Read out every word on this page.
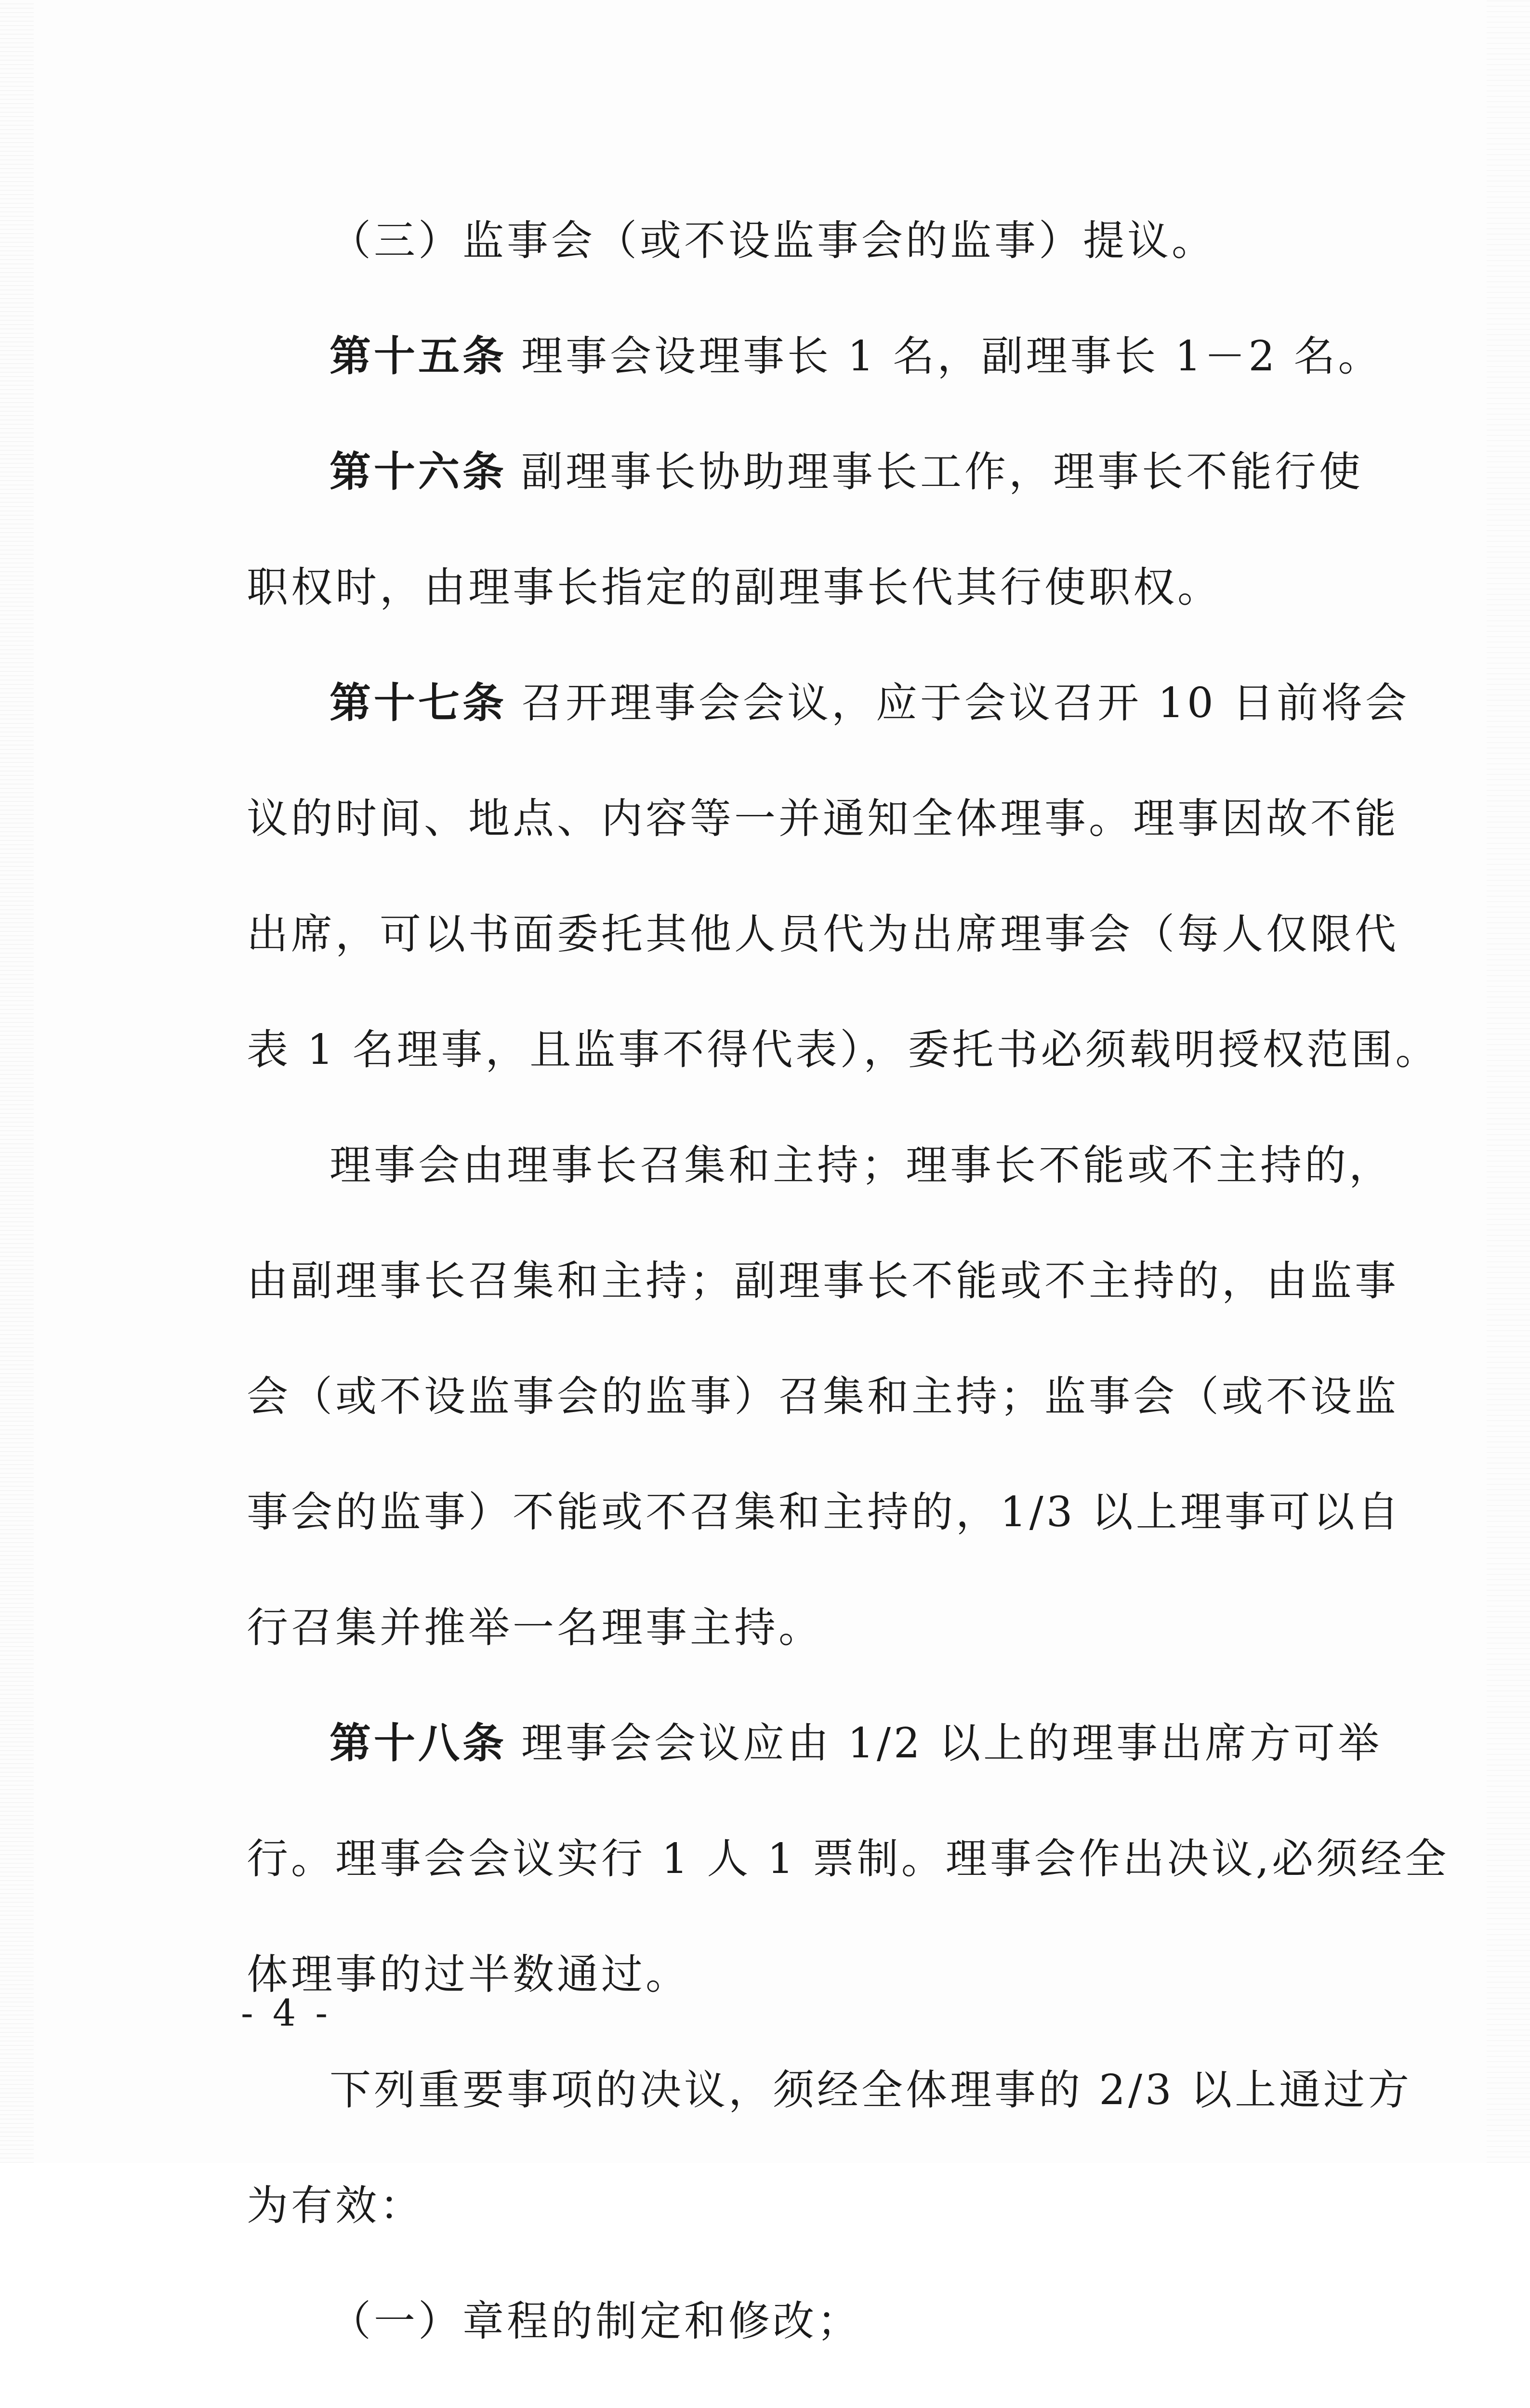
（三）监事会（或不设监事会的监事）提议。
第十五条 理事会设理事长 1 名，副理事长 1－2 名。
第十六条 副理事长协助理事长工作，理事长不能行使
职权时，由理事长指定的副理事长代其行使职权。
第十七条 召开理事会会议，应于会议召开 10 日前将会
议的时间、地点、内容等一并通知全体理事。理事因故不能
出席，可以书面委托其他人员代为出席理事会（每人仅限代
表 1 名理事，且监事不得代表），委托书必须载明授权范围。
理事会由理事长召集和主持；理事长不能或不主持的，
由副理事长召集和主持；副理事长不能或不主持的，由监事
会（或不设监事会的监事）召集和主持；监事会（或不设监
事会的监事）不能或不召集和主持的，1/3 以上理事可以自
行召集并推举一名理事主持。
第十八条 理事会会议应由 1/2 以上的理事出席方可举
行。理事会会议实行 1 人 1 票制。理事会作出决议,必须经全
体理事的过半数通过。
下列重要事项的决议，须经全体理事的 2/3 以上通过方
为有效：
（一）章程的制定和修改；
- 4 -
